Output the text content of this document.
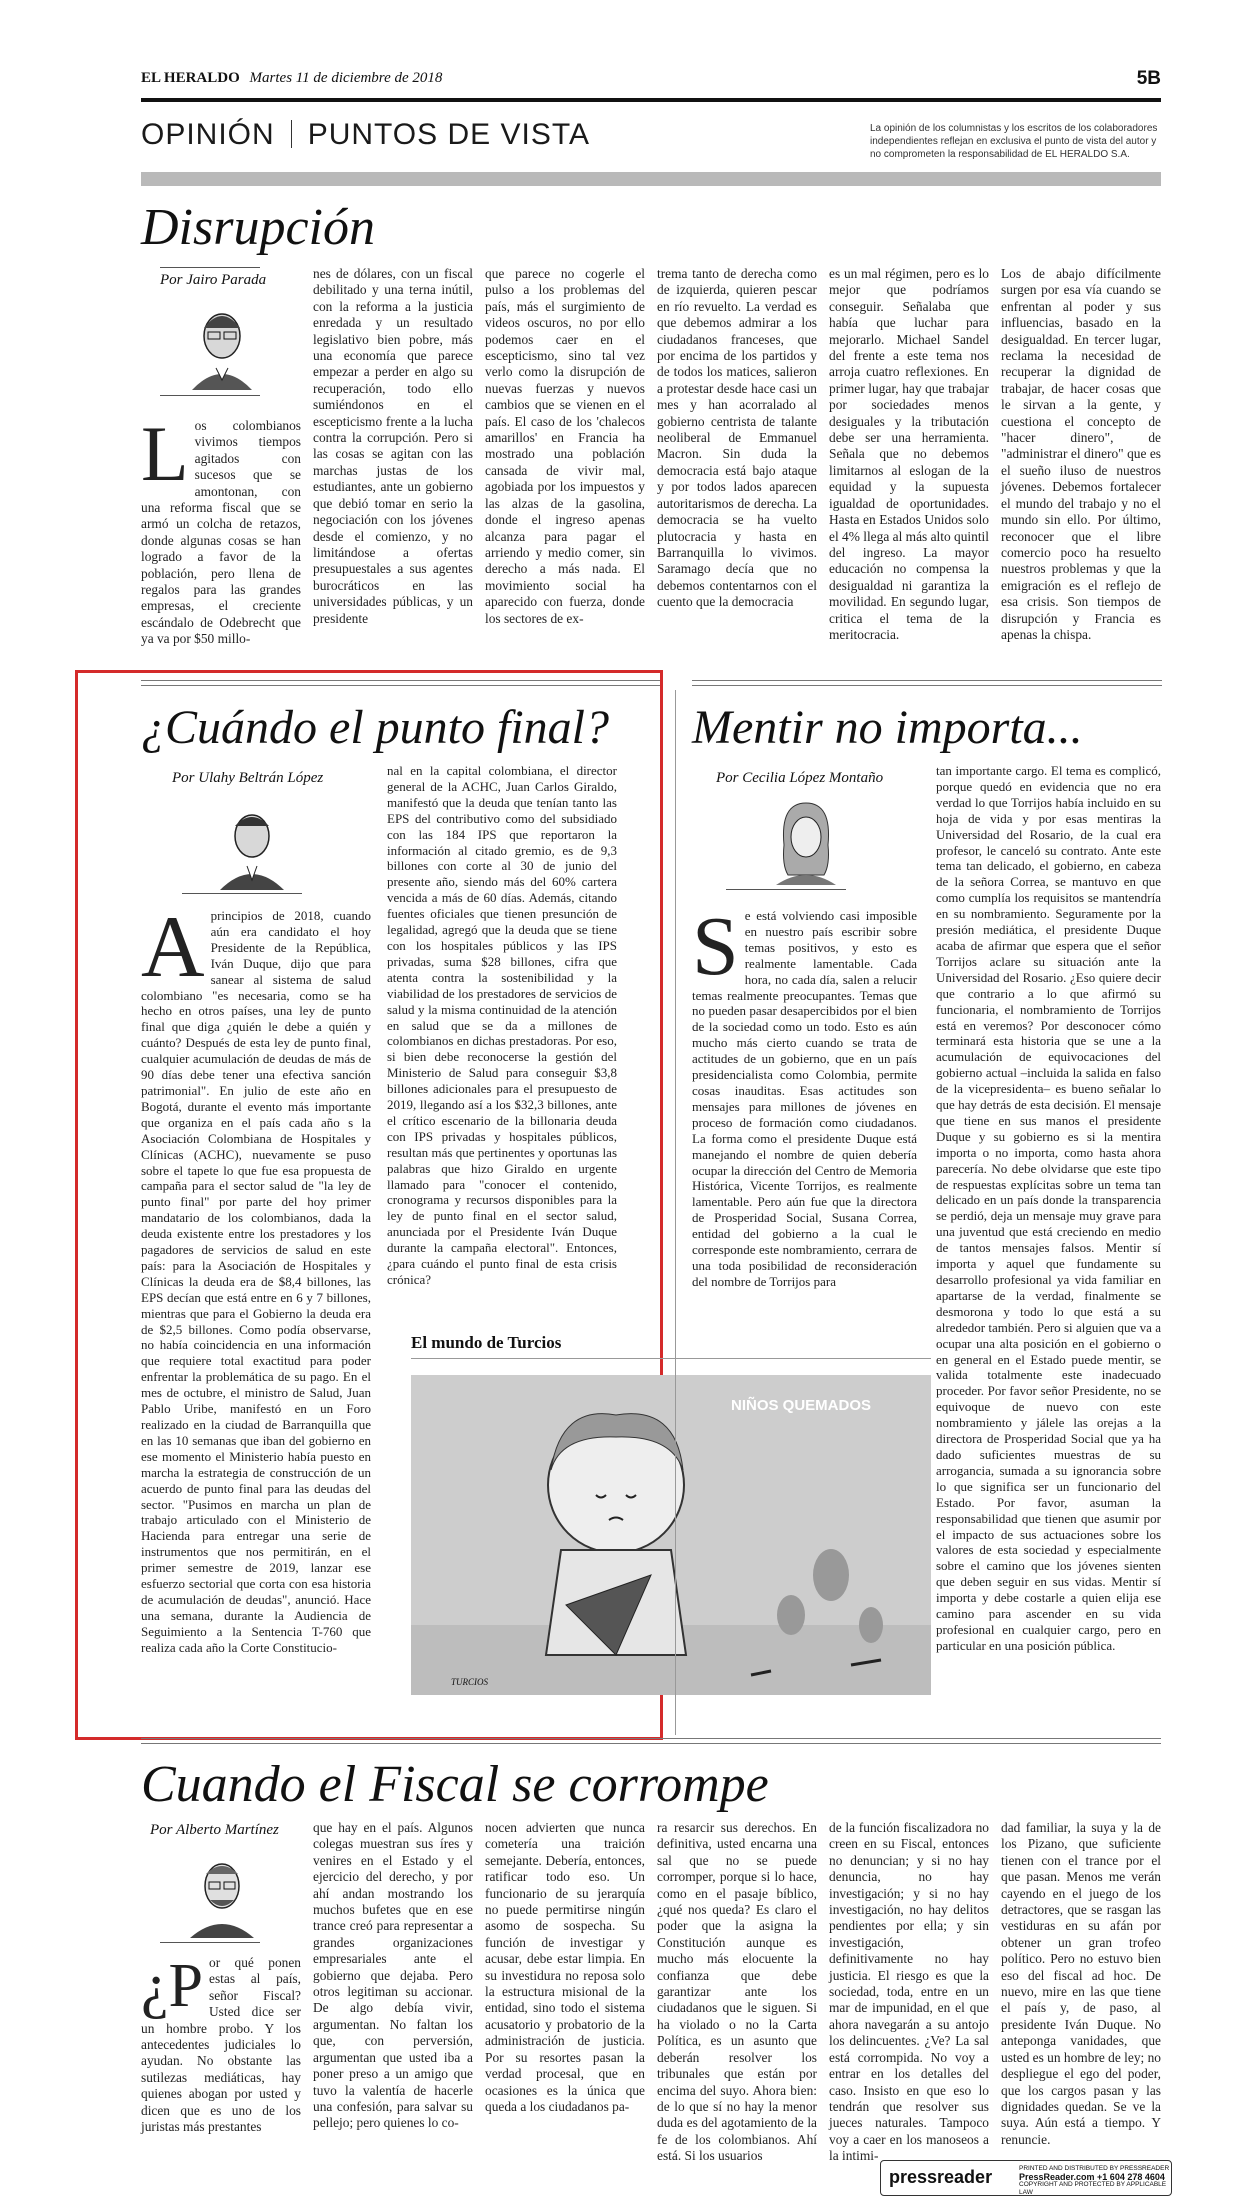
EL HERALDO Martes 11 de diciembre de 2018	5B
OPINIÓN PUNTOS DE VISTA	La opinión de los columnistas y los escritos de los colaboradores independientes reflejan en exclusiva el punto de vista del autor y no comprometen la responsabilidad de EL HERALDO S.A.
Disrupción
Por Jairo Parada
Los colombianos vivimos tiempos agitados con sucesos que se amontonan, con una reforma fiscal que se armó un colcha de retazos, donde algunas cosas se han logrado a favor de la población, pero llena de regalos para las grandes empresas, el creciente escándalo de Odebrecht que ya va por $50 millo-
nes de dólares, con un fiscal debilitado y una terna inútil, con la reforma a la justicia enredada y un resultado legislativo bien pobre, más una economía que parece empezar a perder en algo su recuperación, todo ello sumiéndonos en el escepticismo frente a la lucha contra la corrupción. Pero si las cosas se agitan con las marchas justas de los estudiantes, ante un gobierno que debió tomar en serio la negociación con los jóvenes desde el comienzo, y no limitándose a ofertas presupuestales a sus agentes burocráticos en las universidades públicas, y un presidente
que parece no cogerle el pulso a los problemas del país, más el surgimiento de videos oscuros, no por ello podemos caer en el escepticismo, sino tal vez verlo como la disrupción de nuevas fuerzas y nuevos cambios que se vienen en el país. El caso de los 'chalecos amarillos' en Francia ha mostrado una población cansada de vivir mal, agobiada por los impuestos y las alzas de la gasolina, donde el ingreso apenas alcanza para pagar el arriendo y medio comer, sin derecho a más nada. El movimiento social ha aparecido con fuerza, donde los sectores de ex-
trema tanto de derecha como de izquierda, quieren pescar en río revuelto. La verdad es que debemos admirar a los ciudadanos franceses, que por encima de los partidos y de todos los matices, salieron a protestar desde hace casi un mes y han acorralado al gobierno centrista de talante neoliberal de Emmanuel Macron. Sin duda la democracia está bajo ataque y por todos lados aparecen autoritarismos de derecha. La democracia se ha vuelto plutocracia y hasta en Barranquilla lo vivimos. Saramago decía que no debemos contentarnos con el cuento que la democracia
es un mal régimen, pero es lo mejor que podríamos conseguir. Señalaba que había que luchar para mejorarlo. Michael Sandel del frente a este tema nos arroja cuatro reflexiones. En primer lugar, hay que trabajar por sociedades menos desiguales y la tributación debe ser una herramienta. Señala que no debemos limitarnos al eslogan de la equidad y la supuesta igualdad de oportunidades. Hasta en Estados Unidos solo el 4% llega al más alto quintil del ingreso. La mayor educación no compensa la desigualdad ni garantiza la movilidad. En segundo lugar, critica el tema de la meritocracia.
Los de abajo difícilmente surgen por esa vía cuando se enfrentan al poder y sus influencias, basado en la desigualdad. En tercer lugar, reclama la necesidad de recuperar la dignidad de trabajar, de hacer cosas que le sirvan a la gente, y cuestiona el concepto de "hacer dinero", de "administrar el dinero" que es el sueño iluso de nuestros jóvenes. Debemos fortalecer el mundo del trabajo y no el mundo sin ello. Por último, reconocer que el libre comercio poco ha resuelto nuestros problemas y que la emigración es el reflejo de esa crisis. Son tiempos de disrupción y Francia es apenas la chispa.
¿Cuándo el punto final?
Por Ulahy Beltrán López
Aprincipios de 2018, cuando aún era candidato el hoy Presidente de la República, Iván Duque, dijo que para sanear al sistema de salud colombiano "es necesaria, como se ha hecho en otros países, una ley de punto final que diga ¿quién le debe a quién y cuánto? Después de esta ley de punto final, cualquier acumulación de deudas de más de 90 días debe tener una efectiva sanción patrimonial". En julio de este año en Bogotá, durante el evento más importante que organiza en el país cada año s la Asociación Colombiana de Hospitales y Clínicas (ACHC), nuevamente se puso sobre el tapete lo que fue esa propuesta de campaña para el sector salud de "la ley de punto final" por parte del hoy primer mandatario de los colombianos, dada la deuda existente entre los prestadores y los pagadores de servicios de salud en este país: para la Asociación de Hospitales y Clínicas la deuda era de $8,4 billones, las EPS decían que está entre en 6 y 7 billones, mientras que para el Gobierno la deuda era de $2,5 billones. Como podía observarse, no había coincidencia en una información que requiere total exactitud para poder enfrentar la problemática de su pago. En el mes de octubre, el ministro de Salud, Juan Pablo Uribe, manifestó en un Foro realizado en la ciudad de Barranquilla que en las 10 semanas que iban del gobierno en ese momento el Ministerio había puesto en marcha la estrategia de construcción de un acuerdo de punto final para las deudas del sector. "Pusimos en marcha un plan de trabajo articulado con el Ministerio de Hacienda para entregar una serie de instrumentos que nos permitirán, en el primer semestre de 2019, lanzar ese esfuerzo sectorial que corta con esa historia de acumulación de deudas", anunció. Hace una semana, durante la Audiencia de Seguimiento a la Sentencia T-760 que realiza cada año la Corte Constitucio-
nal en la capital colombiana, el director general de la ACHC, Juan Carlos Giraldo, manifestó que la deuda que tenían tanto las EPS del contributivo como del subsidiado con las 184 IPS que reportaron la información al citado gremio, es de 9,3 billones con corte al 30 de junio del presente año, siendo más del 60% cartera vencida a más de 60 días. Además, citando fuentes oficiales que tienen presunción de legalidad, agregó que la deuda que se tiene con los hospitales públicos y las IPS privadas, suma $28 billones, cifra que atenta contra la sostenibilidad y la viabilidad de los prestadores de servicios de salud y la misma continuidad de la atención en salud que se da a millones de colombianos en dichas prestadoras. Por eso, si bien debe reconocerse la gestión del Ministerio de Salud para conseguir $3,8 billones adicionales para el presupuesto de 2019, llegando así a los $32,3 billones, ante el crítico escenario de la billonaria deuda con IPS privadas y hospitales públicos, resultan más que pertinentes y oportunas las palabras que hizo Giraldo en urgente llamado para "conocer el contenido, cronograma y recursos disponibles para la ley de punto final en el sector salud, anunciada por el Presidente Iván Duque durante la campaña electoral". Entonces, ¿para cuándo el punto final de esta crisis crónica?
El mundo de Turcios
NIÑOS QUEMADOS
TURCIOS
Mentir no importa...
Por Cecilia López Montaño
Se está volviendo casi imposible en nuestro país escribir sobre temas positivos, y esto es realmente lamentable. Cada hora, no cada día, salen a relucir temas realmente preocupantes. Temas que no pueden pasar desapercibidos por el bien de la sociedad como un todo. Esto es aún mucho más cierto cuando se trata de actitudes de un gobierno, que en un país presidencialista como Colombia, permite cosas inauditas. Esas actitudes son mensajes para millones de jóvenes en proceso de formación como ciudadanos. La forma como el presidente Duque está manejando el nombre de quien debería ocupar la dirección del Centro de Memoria Histórica, Vicente Torrijos, es realmente lamentable. Pero aún fue que la directora de Prosperidad Social, Susana Correa, entidad del gobierno a la cual le corresponde este nombramiento, cerrara de una toda posibilidad de reconsideración del nombre de Torrijos para
tan importante cargo. El tema es complicó, porque quedó en evidencia que no era verdad lo que Torrijos había incluido en su hoja de vida y por esas mentiras la Universidad del Rosario, de la cual era profesor, le canceló su contrato. Ante este tema tan delicado, el gobierno, en cabeza de la señora Correa, se mantuvo en que como cumplía los requisitos se mantendría en su nombramiento. Seguramente por la presión mediática, el presidente Duque acaba de afirmar que espera que el señor Torrijos aclare su situación ante la Universidad del Rosario. ¿Eso quiere decir que contrario a lo que afirmó su funcionaria, el nombramiento de Torrijos está en veremos? Por desconocer cómo terminará esta historia que se une a la acumulación de equivocaciones del gobierno actual –incluida la salida en falso de la vicepresidenta– es bueno señalar lo que hay detrás de esta decisión. El mensaje que tiene en sus manos el presidente Duque y su gobierno es si la mentira importa o no importa, como hasta ahora parecería. No debe olvidarse que este tipo de respuestas explícitas sobre un tema tan delicado en un país donde la transparencia se perdió, deja un mensaje muy grave para una juventud que está creciendo en medio de tantos mensajes falsos. Mentir sí importa y aquel que fundamente su desarrollo profesional ya vida familiar en apartarse de la verdad, finalmente se desmorona y todo lo que está a su alrededor también. Pero si alguien que va a ocupar una alta posición en el gobierno o en general en el Estado puede mentir, se valida totalmente este inadecuado proceder. Por favor señor Presidente, no se equivoque de nuevo con este nombramiento y jálele las orejas a la directora de Prosperidad Social que ya ha dado suficientes muestras de su arrogancia, sumada a su ignorancia sobre lo que significa ser un funcionario del Estado. Por favor, asuman la responsabilidad que tienen que asumir por el impacto de sus actuaciones sobre los valores de esta sociedad y especialmente sobre el camino que los jóvenes sienten que deben seguir en sus vidas. Mentir sí importa y debe costarle a quien elija ese camino para ascender en su vida profesional en cualquier cargo, pero en particular en una posición pública.
Cuando el Fiscal se corrompe
Por Alberto Martínez
¿P or qué ponen estas al país, señor Fiscal? Usted dice ser un hombre probo. Y los antecedentes judiciales lo ayudan. No obstante las sutilezas mediáticas, hay quienes abogan por usted y dicen que es uno de los juristas más prestantes
que hay en el país. Algunos colegas muestran sus íres y venires en el Estado y el ejercicio del derecho, y por ahí andan mostrando los muchos bufetes que en ese trance creó para representar a grandes organizaciones empresariales ante el gobierno que dejaba. Pero otros legitiman su accionar. De algo debía vivir, argumentan. No faltan los que, con perversión, argumentan que usted iba a poner preso a un amigo que tuvo la valentía de hacerle una confesión, para salvar su pellejo; pero quienes lo co-
nocen advierten que nunca cometería una traición semejante. Debería, entonces, ratificar todo eso. Un funcionario de su jerarquía no puede permitirse ningún asomo de sospecha. Su función de investigar y acusar, debe estar limpia. En su investidura no reposa solo la estructura misional de la entidad, sino todo el sistema acusatorio y probatorio de la administración de justicia. Por su resortes pasan la verdad procesal, que en ocasiones es la única que queda a los ciudadanos pa-
ra resarcir sus derechos. En definitiva, usted encarna una sal que no se puede corromper, porque si lo hace, como en el pasaje bíblico, ¿qué nos queda? Es claro el poder que la asigna la Constitución aunque es mucho más elocuente la confianza que debe garantizar ante los ciudadanos que le siguen. Si ha violado o no la Carta Política, es un asunto que deberán resolver los tribunales que están por encima del suyo. Ahora bien: de lo que sí no hay la menor duda es del agotamiento de la fe de los colombianos. Ahí está. Si los usuarios
de la función fiscalizadora no creen en su Fiscal, entonces no denuncian; y si no hay denuncia, no hay investigación; y si no hay investigación, no hay delitos pendientes por ella; y sin investigación, definitivamente no hay justicia. El riesgo es que la sociedad, toda, entre en un mar de impunidad, en el que ahora navegarán a su antojo los delincuentes. ¿Ve? La sal está corrompida. No voy a entrar en los detalles del caso. Insisto en que eso lo tendrán que resolver sus jueces naturales. Tampoco voy a caer en los manoseos a la intimi-
dad familiar, la suya y la de los Pizano, que suficiente tienen con el trance por el que pasan. Menos me verán cayendo en el juego de los detractores, que se rasgan las vestiduras en su afán por obtener un gran trofeo político. Pero no estuvo bien eso del fiscal ad hoc. De nuevo, mire en las que tiene el país y, de paso, al presidente Iván Duque. No anteponga vanidades, que usted es un hombre de ley; no despliegue el ego del poder, que los cargos pasan y las dignidades quedan. Se ve la suya. Aún está a tiempo. Y renuncie.
pressreader	PRINTED AND DISTRIBUTED BY PRESSREADER
PressReader.com +1 604 278 4604
COPYRIGHT AND PROTECTED BY APPLICABLE LAW
